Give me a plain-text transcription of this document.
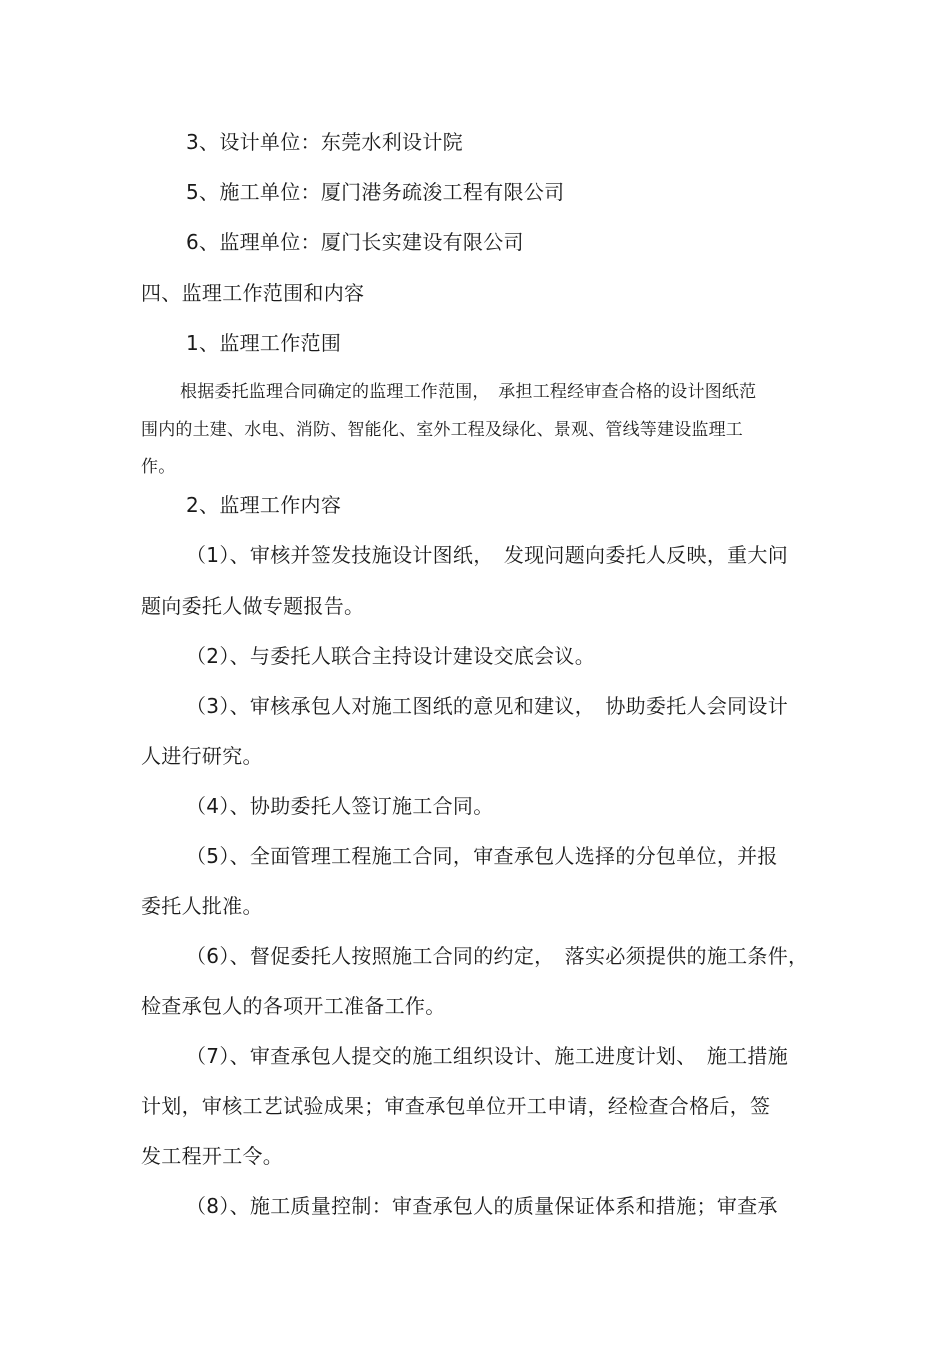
3、设计单位：东莞水利设计院
5、施工单位：厦门港务疏浚工程有限公司
6、监理单位：厦门长实建设有限公司
四、监理工作范围和内容
1、监理工作范围
根据委托监理合同确定的监理工作范围，　承担工程经审查合格的设计图纸范
围内的土建、水电、消防、智能化、室外工程及绿化、景观、管线等建设监理工
作。
2、监理工作内容
（1）、审核并签发技施设计图纸，　发现问题向委托人反映，重大问
题向委托人做专题报告。
（2）、与委托人联合主持设计建设交底会议。
（3）、审核承包人对施工图纸的意见和建议，　协助委托人会同设计
人进行研究。
（4）、协助委托人签订施工合同。
（5）、全面管理工程施工合同，审查承包人选择的分包单位，并报
委托人批准。
（6）、督促委托人按照施工合同的约定，　落实必须提供的施工条件，
检查承包人的各项开工准备工作。
（7）、审查承包人提交的施工组织设计、施工进度计划、　施工措施
计划，审核工艺试验成果；审查承包单位开工申请，经检查合格后，签
发工程开工令。
（8）、施工质量控制：审查承包人的质量保证体系和措施；审查承
